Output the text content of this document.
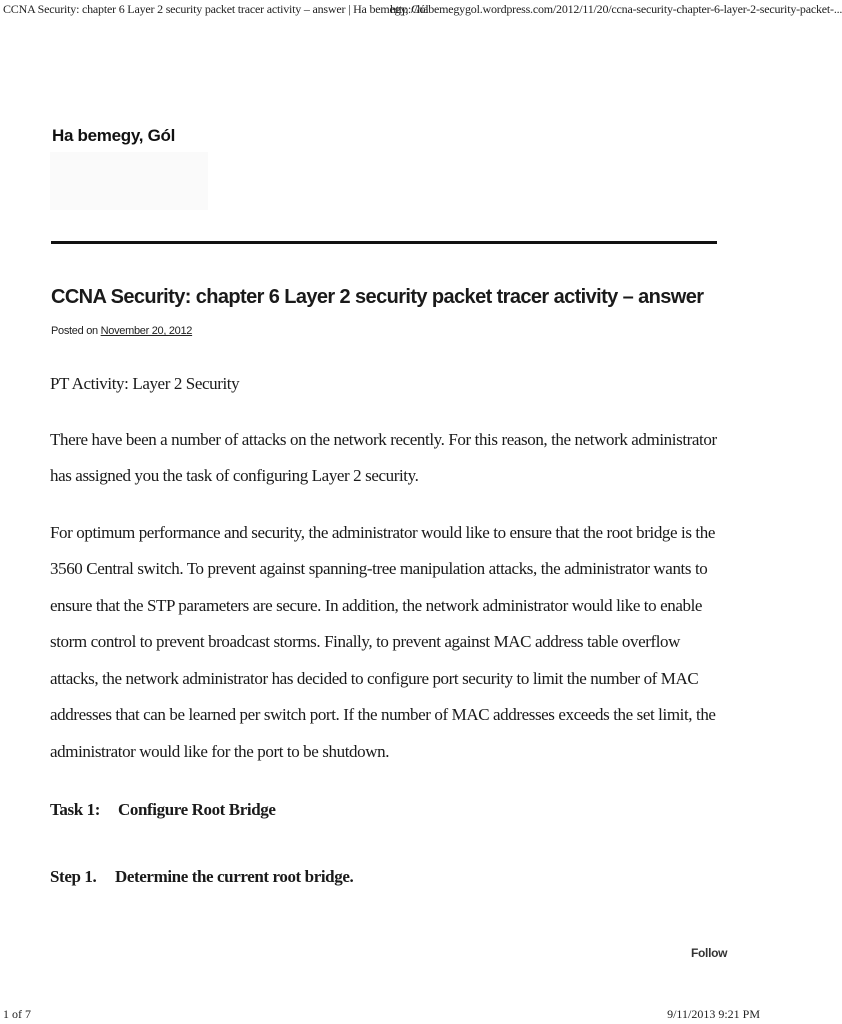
CCNA Security: chapter 6 Layer 2 security packet tracer activity – answer | Ha bemegy, Gól
http://habemegygol.wordpress.com/2012/11/20/ccna-security-chapter-6-layer-2-security-packet-...
Ha bemegy, Gól
CCNA Security: chapter 6 Layer 2 security packet tracer activity – answer
Posted on November 20, 2012

PT Activity: Layer 2 Security

There have been a number of attacks on the network recently. For this reason, the network administrator has assigned you the task of configuring Layer 2 security.

For optimum performance and security, the administrator would like to ensure that the root bridge is the 3560 Central switch. To prevent against spanning-tree manipulation attacks, the administrator wants to ensure that the STP parameters are secure. In addition, the network administrator would like to enable storm control to prevent broadcast storms. Finally, to prevent against MAC address table overflow attacks, the network administrator has decided to configure port security to limit the number of MAC addresses that can be learned per switch port. If the number of MAC addresses exceeds the set limit, the administrator would like for the port to be shutdown.

Task 1: Configure Root Bridge

Step 1. Determine the current root bridge.

Follow
1 of 7	9/11/2013 9:21 PM
